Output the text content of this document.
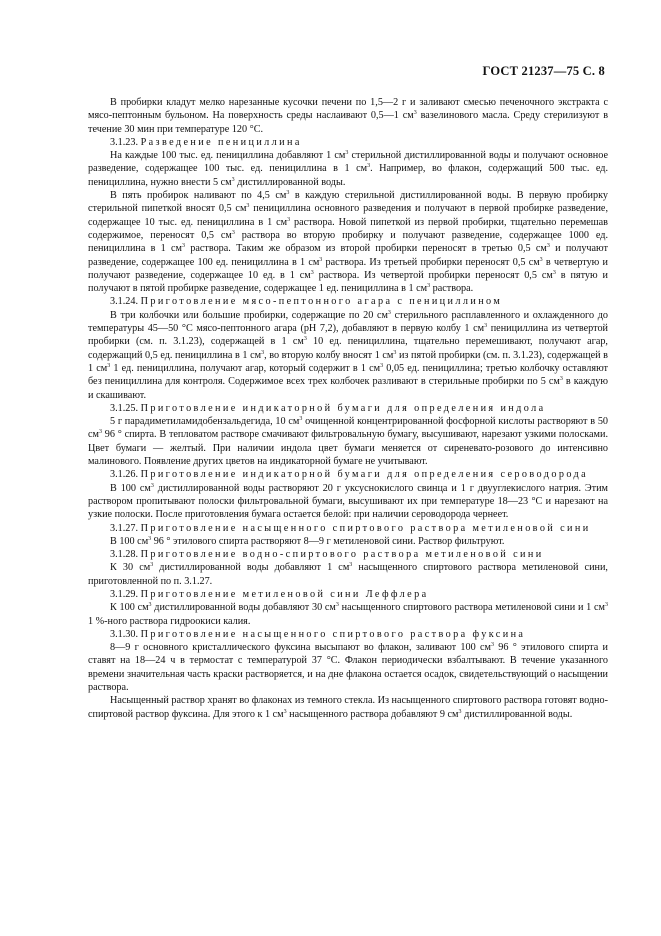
ГОСТ 21237—75 С. 8

В пробирки кладут мелко нарезанные кусочки печени по 1,5—2 г и заливают смесью печеночного экстракта с мясо-пептонным бульоном. На поверхность среды наслаивают 0,5—1 $см^3$ вазелинового масла. Среду стерилизуют в течение 30 мин при температуре 120 °С.

3.1.23. Разведение пенициллина

На каждые 100 тыс. ед. пенициллина добавляют 1 $см^3$ стерильной дистиллированной воды и получают основное разведение, содержащее 100 тыс. ед. пенициллина в 1 $см^3$. Например, во флакон, содержащий 500 тыс. ед. пенициллина, нужно внести 5 $см^3$ дистиллированной воды.

В пять пробирок наливают по 4,5 $см^3$ в каждую стерильной дистиллированной воды. В первую пробирку стерильной пипеткой вносят 0,5 $см^3$ пенициллина основного разведения и получают в первой пробирке разведение, содержащее 10 тыс. ед. пенициллина в 1 $см^3$ раствора. Новой пипеткой из первой пробирки, тщательно перемешав содержимое, переносят 0,5 $см^3$ раствора во вторую пробирку и получают разведение, содержащее 1000 ед. пенициллина в 1 $см^3$ раствора. Таким же образом из второй пробирки переносят в третью 0,5 $см^3$ и получают разведение, содержащее 100 ед. пенициллина в 1 $см^3$ раствора. Из третьей пробирки переносят 0,5 $см^3$ в четвертую и получают разведение, содержащее 10 ед. в 1 $см^3$ раствора. Из четвертой пробирки переносят 0,5 $см^3$ в пятую и получают в пятой пробирке разведение, содержащее 1 ед. пенициллина в 1 $см^3$ раствора.

3.1.24. Приготовление мясо-пептонного агара с пенициллином

В три колбочки или большие пробирки, содержащие по 20 $см^3$ стерильного расплавленного и охлажденного до температуры 45—50 °С мясо-пептонного агара (рН 7,2), добавляют в первую колбу 1 $см^3$ пенициллина из четвертой пробирки (см. п. 3.1.23), содержащей в 1 $см^3$ 10 ед. пенициллина, тщательно перемешивают, получают агар, содержащий 0,5 ед. пенициллина в 1 $см^3$, во вторую колбу вносят 1 $см^3$ из пятой пробирки (см. п. 3.1.23), содержащей в 1 $см^3$ 1 ед. пенициллина, получают агар, который содержит в 1 $см^3$ 0,05 ед. пенициллина; третью колбочку оставляют без пенициллина для контроля. Содержимое всех трех колбочек разливают в стерильные пробирки по 5 $см^3$ в каждую и скашивают.

3.1.25. Приготовление индикаторной бумаги для определения индола

5 г парадиметиламидобензальдегида, 10 $см^3$ очищенной концентрированной фосфорной кислоты растворяют в 50 $см^3$ 96 ° спирта. В тепловатом растворе смачивают фильтровальную бумагу, высушивают, нарезают узкими полосками. Цвет бумаги — желтый. При наличии индола цвет бумаги меняется от сиреневато-розового до интенсивно малинового. Появление других цветов на индикаторной бумаге не учитывают.

3.1.26. Приготовление индикаторной бумаги для определения сероводорода

В 100 $см^3$ дистиллированной воды растворяют 20 г уксуснокислого свинца и 1 г двууглекислого натрия. Этим раствором пропитывают полоски фильтровальной бумаги, высушивают их при температуре 18—23 °С и нарезают на узкие полоски. После приготовления бумага остается белой: при наличии сероводорода чернеет.

3.1.27. Приготовление насыщенного спиртового раствора метиленовой сини

В 100 $см^3$ 96 ° этилового спирта растворяют 8—9 г метиленовой сини. Раствор фильтруют.

3.1.28. Приготовление водно-спиртового раствора метиленовой сини

К 30 $см^3$ дистиллированной воды добавляют 1 $см^3$ насыщенного спиртового раствора метиленовой сини, приготовленной по п. 3.1.27.

3.1.29. Приготовление метиленовой сини Леффлера

К 100 $см^3$ дистиллированной воды добавляют 30 $см^3$ насыщенного спиртового раствора метиленовой сини и 1 $см^3$ 1 %-ного раствора гидроокиси калия.

3.1.30. Приготовление насыщенного спиртового раствора фуксина

8—9 г основного кристаллического фуксина высыпают во флакон, заливают 100 $см^3$ 96 ° этилового спирта и ставят на 18—24 ч в термостат с температурой 37 °С. Флакон периодически взбалтывают. В течение указанного времени значительная часть краски растворяется, и на дне флакона остается осадок, свидетельствующий о насыщении раствора.

Насыщенный раствор хранят во флаконах из темного стекла. Из насыщенного спиртового раствора готовят водно-спиртовой раствор фуксина. Для этого к 1 $см^3$ насыщенного раствора добавляют 9 $см^3$ дистиллированной воды.
